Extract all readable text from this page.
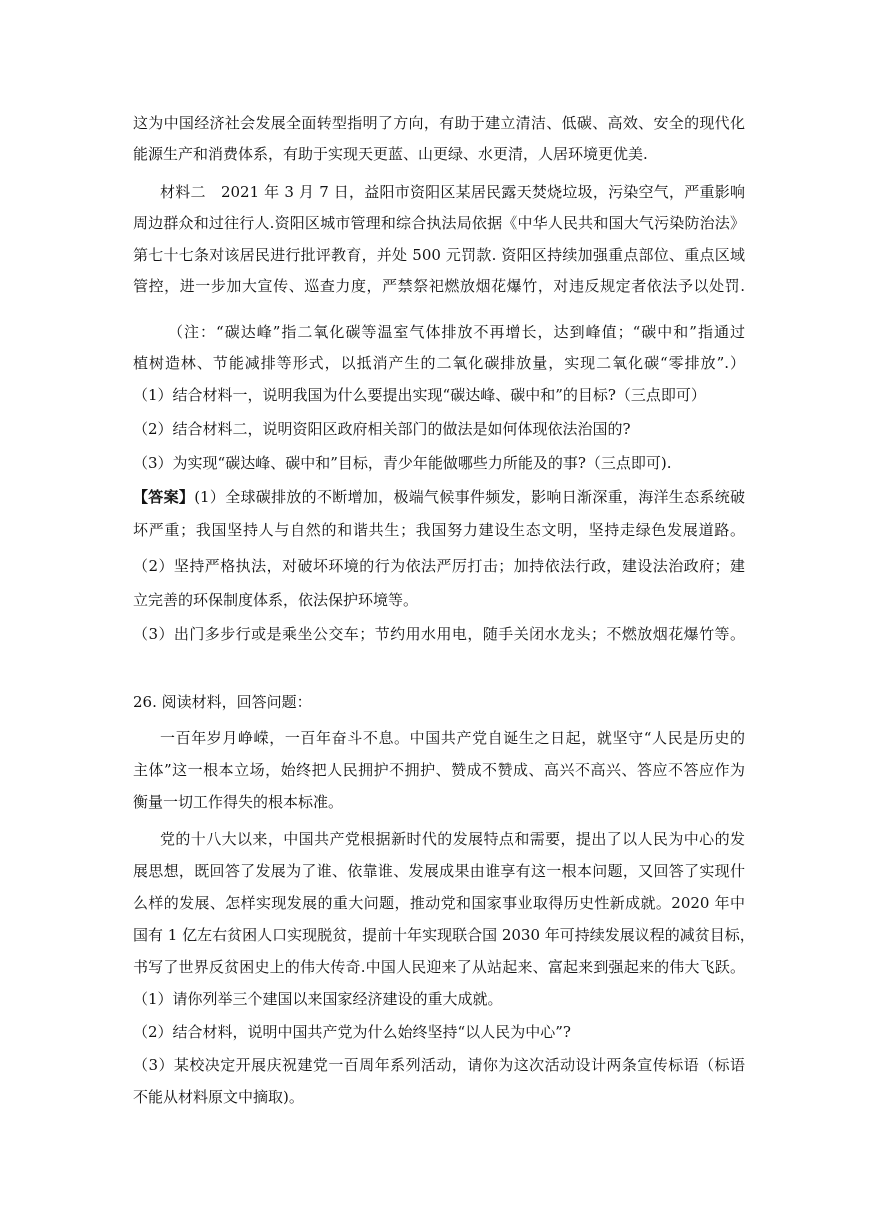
这为中国经济社会发展全面转型指明了方向，有助于建立清洁、低碳、高效、安全的现代化
能源生产和消费体系，有助于实现天更蓝、山更绿、水更清，人居环境更优美.
材料二　2021 年 3 月 7 日，益阳市资阳区某居民露天焚烧垃圾，污染空气，严重影响
周边群众和过往行人.资阳区城市管理和综合执法局依据《中华人民共和国大气污染防治法》
第七十七条对该居民进行批评教育，并处 500 元罚款. 资阳区持续加强重点部位、重点区域
管控，进一步加大宣传、巡查力度，严禁祭祀燃放烟花爆竹，对违反规定者依法予以处罚.
（注：“碳达峰”指二氧化碳等温室气体排放不再增长，达到峰值；“碳中和”指通过
植树造林、节能减排等形式，以抵消产生的二氧化碳排放量，实现二氧化碳“零排放”.）
（1）结合材料一，说明我国为什么要提出实现“碳达峰、碳中和”的目标?（三点即可）
（2）结合材料二，说明资阳区政府相关部门的做法是如何体现依法治国的?
（3）为实现“碳达峰、碳中和”目标，青少年能做哪些力所能及的事?（三点即可).
【答案】(1）全球碳排放的不断增加，极端气候事件频发，影响日渐深重，海洋生态系统破
坏严重；我国坚持人与自然的和谐共生；我国努力建设生态文明，坚持走绿色发展道路。
（2）坚持严格执法，对破坏环境的行为依法严厉打击；加持依法行政，建设法治政府；建
立完善的环保制度体系，依法保护环境等。
（3）出门多步行或是乘坐公交车；节约用水用电，随手关闭水龙头；不燃放烟花爆竹等。
26. 阅读材料，回答问题：
一百年岁月峥嵘，一百年奋斗不息。中国共产党自诞生之日起，就坚守“人民是历史的
主体”这一根本立场，始终把人民拥护不拥护、赞成不赞成、高兴不高兴、答应不答应作为
衡量一切工作得失的根本标准。
党的十八大以来，中国共产党根据新时代的发展特点和需要，提出了以人民为中心的发
展思想，既回答了发展为了谁、依靠谁、发展成果由谁享有这一根本问题，又回答了实现什
么样的发展、怎样实现发展的重大问题，推动党和国家事业取得历史性新成就。2020 年中
国有 1 亿左右贫困人口实现脱贫，提前十年实现联合国 2030 年可持续发展议程的减贫目标，
书写了世界反贫困史上的伟大传奇.中国人民迎来了从站起来、富起来到强起来的伟大飞跃。
（1）请你列举三个建国以来国家经济建设的重大成就。
（2）结合材料，说明中国共产党为什么始终坚持“以人民为中心”?
（3）某校决定开展庆祝建党一百周年系列活动，请你为这次活动设计两条宣传标语（标语
不能从材料原文中摘取)。
